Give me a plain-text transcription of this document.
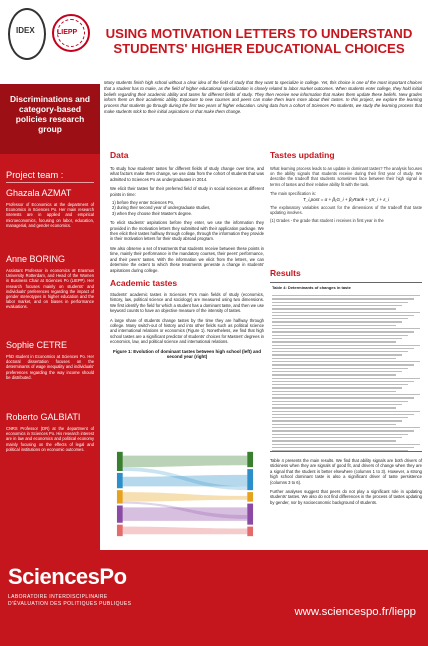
IDEX	LIEPP	USING MOTIVATION LETTERS TO UNDERSTAND STUDENTS' HIGHER EDUCATIONAL CHOICES
Discriminations and category-based policies research group
Project team :
Ghazala AZMAT
Professor of Economics at the department of Economics in Sciences Po. Her main research interests are in applied and empirical microeconomics, focusing on labor, education, managerial, and gender economics.
Anne BORING
Assistant Professor in economics at Erasmus University Rotterdam, and Head of the Women in Business Chair at Sciences Po (LIEPP). Her research focuses mainly on students' and individuals' preferences regarding the impact of gender stereotypes in higher education and the labor market, and on biases in performance evaluations.
Sophie CETRE
PhD student in Economics at Sciences Po. Her doctoral dissertation focuses on the determinants of wage inequality and individuals' preferences regarding the way income should be distributed.
Roberto GALBIATI
CNRS Professor (DR) at the department of economics in Sciences Po. His research interest are in law and economics and political economy mainly focusing on the effects of legal and political institutions on economic outcomes.
Many students finish high school without a clear idea of the field of study that they want to specialize in college. Yet, this choice is one of the most important choices that a student has to make, as the field of higher educational specialization is closely related to labor market outcomes. When students enter college, they hold initial beliefs regarding their academic ability and tastes for different fields of study. They then receive new information that makes them update these beliefs. New grades inform them on their academic ability. Exposure to new courses and peers can make them learn more about their tastes. In this project, we explore the learning process that students go through during the first two years of higher education. Using data from a cohort of Sciences Po students, we study the learning process that make students stick to their initial aspirations or that make them change.
Data
To study how students' tastes for different fields of study change over time, and what factors make them change, we use data from the cohort of students that was admitted to Sciences Po as undergraduates in 2014.
We elicit their tastes for their preferred field of study in social sciences at different points in time:
1) before they enter Sciences Po,
2) during their second year of undergraduate studies,
3) when they choose their Master's degree.
To elicit students' aspirations before they enter, we use the information they provided in the motivation letters they submitted with their application package. We then elicit their tastes halfway through college, through the information they provide in their motivation letters for their study abroad program.
We also observe a set of treatments that students receive between these points in time, mainly their performance in the mandatory courses, their peers' performance, and their peers' tastes. With the information we elicit from the letters, we can determine the extent to which these treatments generate a change in students' aspirations during college.
Academic tastes
Students' academic tastes in Sciences Po's main fields of study (economics, history, law, political science and sociology) are measured using two dimensions. We first identify the field for which a student has a dominant taste, and then we use keyword counts to have an objective measure of the intensity of tastes.
A large share of students change tastes by the time they are halfway through college. Many switch-out of history and into other fields such as political science and international relations or economics (Figure 1). Nonetheless, we find that high school tastes are a significant predictor of students' choices for Masters' degrees in economics, law, and political science and international relations.
Figure 1: Evolution of dominant tastes between high school (left) and second year (right)
Tastes updating
What learning process leads to an update in dominant tastes? The analysis focuses on the ability signals that students receive during their first year of study. We describe the tradeoff that students sometimes face between their high signal in terms of tastes and their relative ability fit with the task.
The main specification is:
T_i,post = α + β₁G_i + β₂Rank + γX_i + ε_i
The explanatory variables account for the dimensions of the tradeoff that taste updating involves.
(1) Grades - the grade that student i receives in first year in the
Results
Table 4: Determinants of changes in taste
Table 4 presents the main results. We find that ability signals are both drivers of stickiness when they are signals of good fit, and drivers of change when they are a signal that the student is better elsewhere (columns 1 to 3). However, a strong high school dominant taste is also a significant driver of taste persistence (columns 3 to 6).
Further analyses suggest that peers do not play a significant role in updating students' tastes. We also do not find differences in the process of tastes updating by gender, nor by socioeconomic background of students.
SciencesPo
LABORATOIRE INTERDISCIPLINAIRE
D'ÉVALUATION DES POLITIQUES PUBLIQUES
www.sciencespo.fr/liepp
